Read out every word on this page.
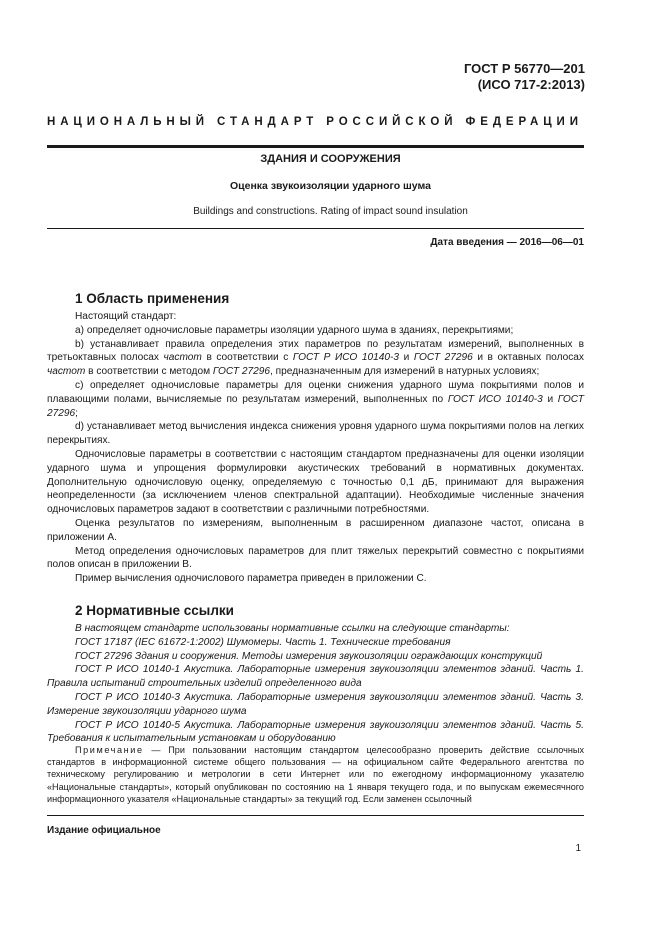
ГОСТ Р 56770—201
(ИСО 717-2:2013)
НАЦИОНАЛЬНЫЙ СТАНДАРТ РОССИЙСКОЙ ФЕДЕРАЦИИ
ЗДАНИЯ И СООРУЖЕНИЯ
Оценка звукоизоляции ударного шума
Buildings and constructions. Rating of impact sound insulation
Дата введения — 2016—06—01
1 Область применения

Настоящий стандарт:

a) определяет одночисловые параметры изоляции ударного шума в зданиях, перекрытиями;

b) устанавливает правила определения этих параметров по результатам измерений, выполненных в третьоктавных полосах частот в соответствии с ГОСТ Р ИСО 10140-3 и ГОСТ 27296 и в октавных полосах частот в соответствии с методом ГОСТ 27296, предназначенным для измерений в натурных условиях;

c) определяет одночисловые параметры для оценки снижения ударного шума покрытиями полов и плавающими полами, вычисляемые по результатам измерений, выполненных по ГОСТ ИСО 10140-3 и ГОСТ 27296;

d) устанавливает метод вычисления индекса снижения уровня ударного шума покрытиями полов на легких перекрытиях.

Одночисловые параметры в соответствии с настоящим стандартом предназначены для оценки изоляции ударного шума и упрощения формулировки акустических требований в нормативных документах. Дополнительную одночисловую оценку, определяемую с точностью 0,1 дБ, принимают для выражения неопределенности (за исключением членов спектральной адаптации). Необходимые численные значения одночисловых параметров задают в соответствии с различными потребностями.

Оценка результатов по измерениям, выполненным в расширенном диапазоне частот, описана в приложении A.

Метод определения одночисловых параметров для плит тяжелых перекрытий совместно с покрытиями полов описан в приложении B.

Пример вычисления одночислового параметра приведен в приложении C.

2 Нормативные ссылки

В настоящем стандарте использованы нормативные ссылки на следующие стандарты:

ГОСТ 17187 (IEC 61672-1:2002) Шумомеры. Часть 1. Технические требования

ГОСТ 27296 Здания и сооружения. Методы измерения звукоизоляции ограждающих конструкций

ГОСТ Р ИСО 10140-1 Акустика. Лабораторные измерения звукоизоляции элементов зданий. Часть 1. Правила испытаний строительных изделий определенного вида

ГОСТ Р ИСО 10140-3 Акустика. Лабораторные измерения звукоизоляции элементов зданий. Часть 3. Измерение звукоизоляции ударного шума

ГОСТ Р ИСО 10140-5 Акустика. Лабораторные измерения звукоизоляции элементов зданий. Часть 5. Требования к испытательным установкам и оборудованию

Примечание — При пользовании настоящим стандартом целесообразно проверить действие ссылочных стандартов в информационной системе общего пользования — на официальном сайте Федерального агентства по техническому регулированию и метрологии в сети Интернет или по ежегодному информационному указателю «Национальные стандарты», который опубликован по состоянию на 1 января текущего года, и по выпускам ежемесячного информационного указателя «Национальные стандарты» за текущий год. Если заменен ссылочный

Издание официальное
1
